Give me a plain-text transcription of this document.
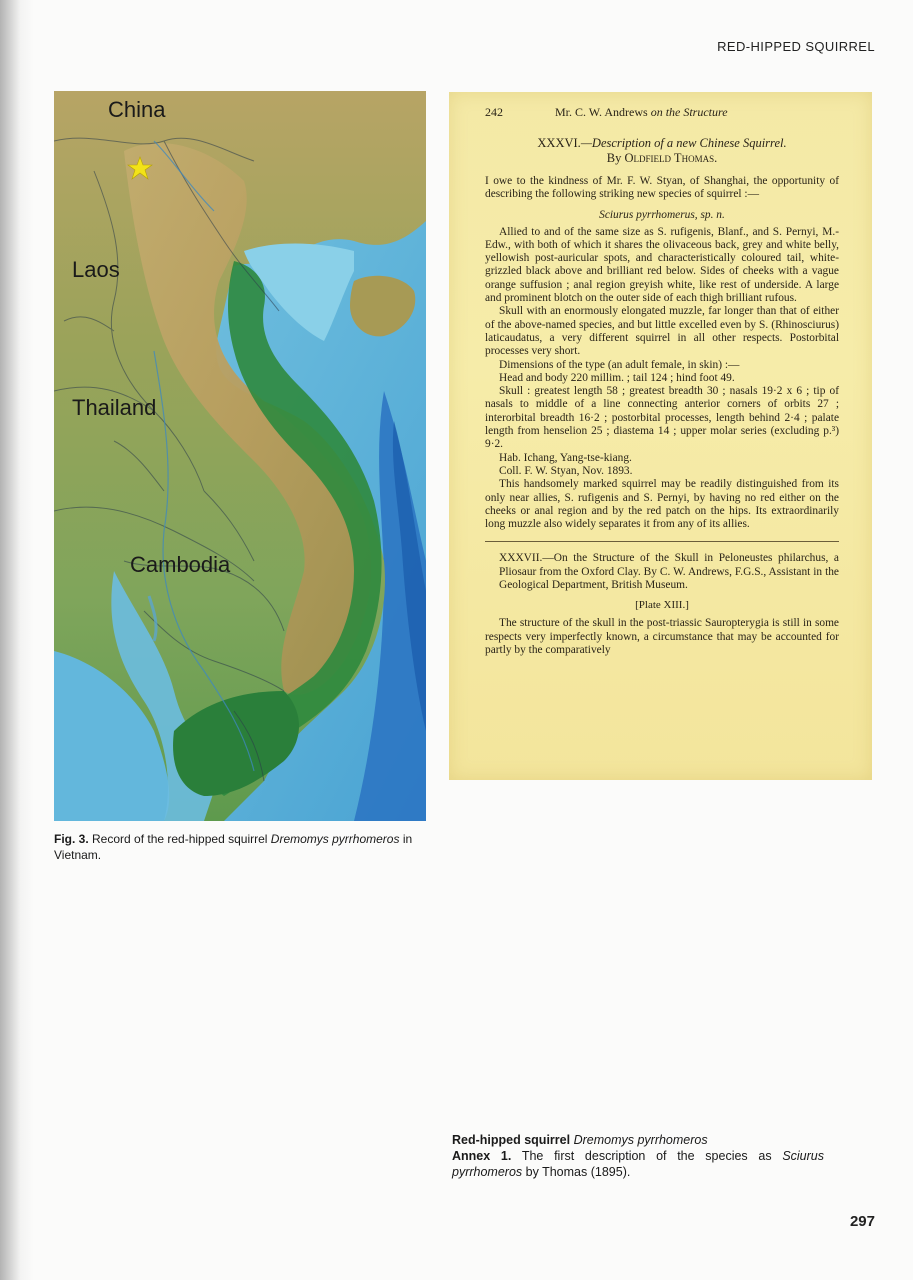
RED-HIPPED SQUIRREL
China
Laos
Thailand
Cambodia
Fig. 3. Record of the red-hipped squirrel Dremomys pyrrhomeros in Vietnam.
242	Mr. C. W. Andrews on the Structure
XXXVI.—Description of a new Chinese Squirrel.
By Oldfield Thomas.

I owe to the kindness of Mr. F. W. Styan, of Shanghai, the opportunity of describing the following striking new species of squirrel :—

Sciurus pyrrhomerus, sp. n.

Allied to and of the same size as S. rufigenis, Blanf., and S. Pernyi, M.-Edw., with both of which it shares the olivaceous back, grey and white belly, yellowish post-auricular spots, and characteristically coloured tail, white-grizzled black above and brilliant red below. Sides of cheeks with a vague orange suffusion ; anal region greyish white, like rest of underside. A large and prominent blotch on the outer side of each thigh brilliant rufous.

Skull with an enormously elongated muzzle, far longer than that of either of the above-named species, and but little excelled even by S. (Rhinosciurus) laticaudatus, a very different squirrel in all other respects. Postorbital processes very short.

Dimensions of the type (an adult female, in skin) :—

Head and body 220 millim. ; tail 124 ; hind foot 49.

Skull : greatest length 58 ; greatest breadth 30 ; nasals 19·2 x 6 ; tip of nasals to middle of a line connecting anterior corners of orbits 27 ; interorbital breadth 16·2 ; postorbital processes, length behind 2·4 ; palate length from henselion 25 ; diastema 14 ; upper molar series (excluding p.³) 9·2.

Hab. Ichang, Yang-tse-kiang.

Coll. F. W. Styan, Nov. 1893.

This handsomely marked squirrel may be readily distinguished from its only near allies, S. rufigenis and S. Pernyi, by having no red either on the cheeks or anal region and by the red patch on the hips. Its extraordinarily long muzzle also widely separates it from any of its allies.

XXXVII.—On the Structure of the Skull in Peloneustes philarchus, a Pliosaur from the Oxford Clay. By C. W. Andrews, F.G.S., Assistant in the Geological Department, British Museum.

[Plate XIII.]

The structure of the skull in the post-triassic Sauropterygia is still in some respects very imperfectly known, a circumstance that may be accounted for partly by the comparatively

Red-hipped squirrel Dremomys pyrrhomeros
Annex 1. The first description of the species as Sciurus pyrrhomeros by Thomas (1895).
297
